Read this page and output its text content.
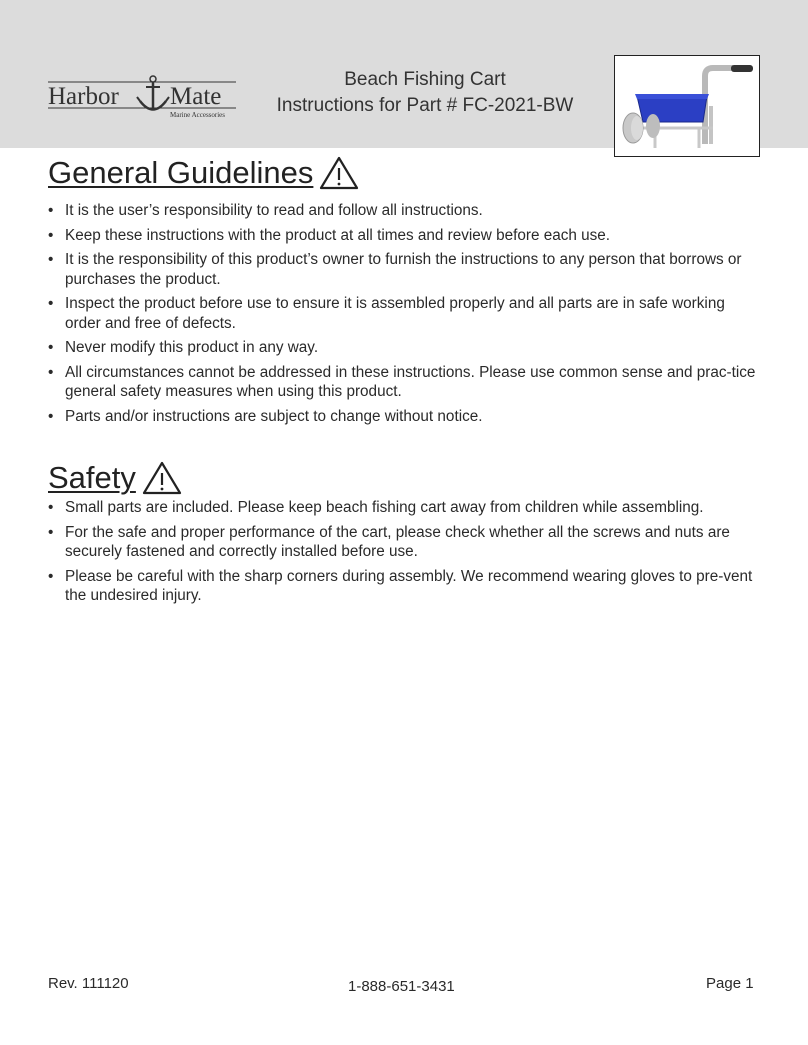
Harbor Mate
Marine Accessories
Beach Fishing Cart
Instructions for Part # FC-2021-BW
General Guidelines
• It is the user’s responsibility to read and follow all instructions.
• Keep these instructions with the product at all times and review before each use.
• It is the responsibility of this product’s owner to furnish the instructions to any person that borrows or purchases the product.
• Inspect the product before use to ensure it is assembled properly and all parts are in safe working order and free of defects.
• Never modify this product in any way.
• All circumstances cannot be addressed in these instructions. Please use common sense and prac-tice general safety measures when using this product.
• Parts and/or instructions are subject to change without notice.
Safety
• Small parts are included. Please keep beach fishing cart away from children while assembling.
• For the safe and proper performance of the cart, please check whether all the screws and nuts are securely fastened and correctly installed before use.
• Please be careful with the sharp corners during assembly. We recommend wearing gloves to pre-vent the undesired injury.
Rev. 111120	1-888-651-3431	Page 1
